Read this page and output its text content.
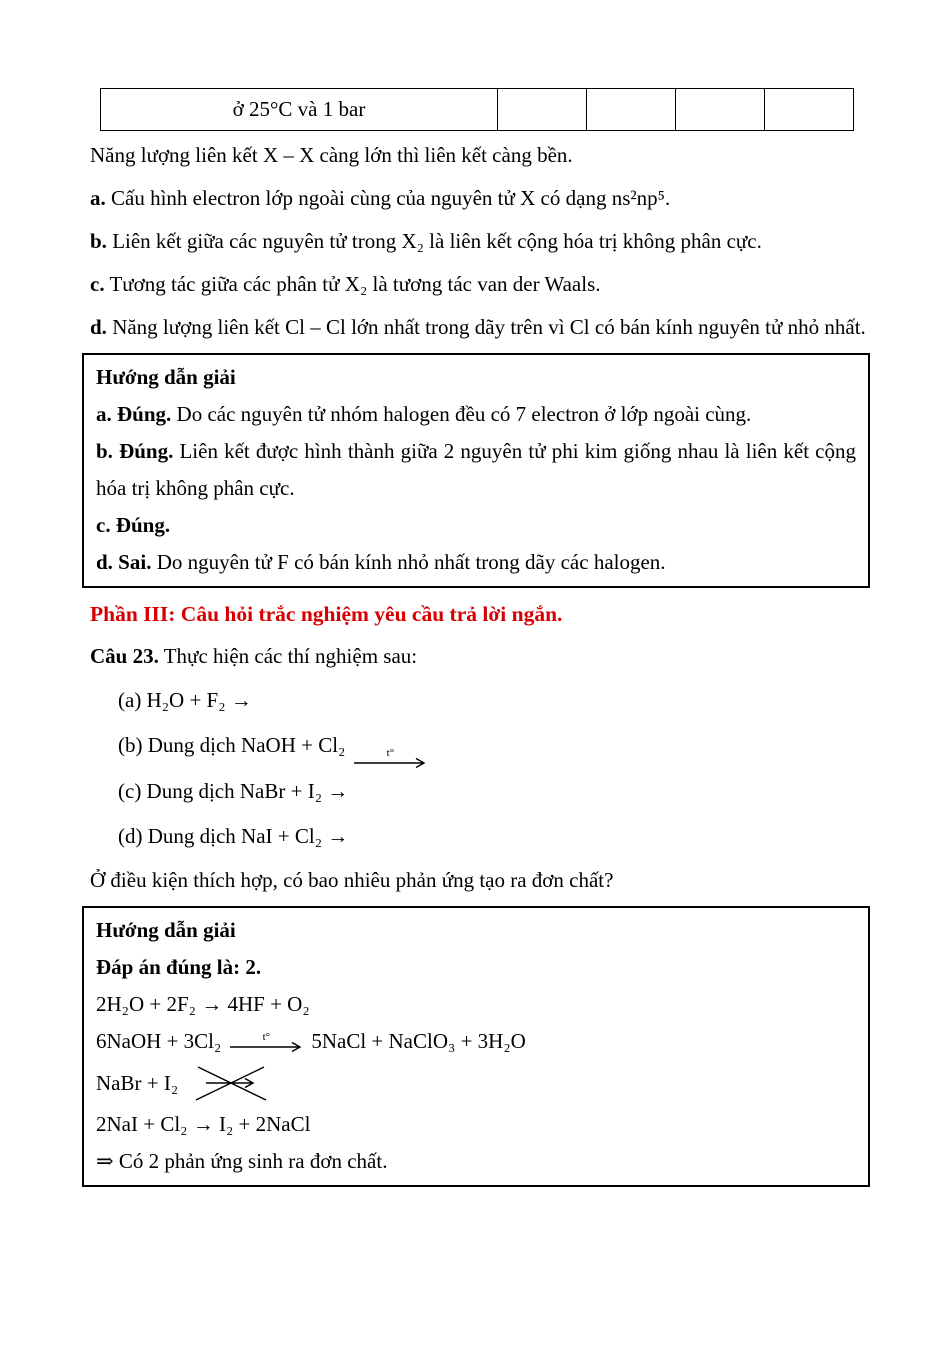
ở 25°C và 1 bar				

Năng lượng liên kết X – X càng lớn thì liên kết càng bền.

a. Cấu hình electron lớp ngoài cùng của nguyên tử X có dạng ns²np⁵.

b. Liên kết giữa các nguyên tử trong X₂ là liên kết cộng hóa trị không phân cực.

c. Tương tác giữa các phân tử X₂ là tương tác van der Waals.

d. Năng lượng liên kết Cl – Cl lớn nhất trong dãy trên vì Cl có bán kính nguyên tử nhỏ nhất.

Hướng dẫn giải

a. Đúng. Do các nguyên tử nhóm halogen đều có 7 electron ở lớp ngoài cùng.

b. Đúng. Liên kết được hình thành giữa 2 nguyên tử phi kim giống nhau là liên kết cộng hóa trị không phân cực.

c. Đúng.

d. Sai. Do nguyên tử F có bán kính nhỏ nhất trong dãy các halogen.

Phần III: Câu hỏi trắc nghiệm yêu cầu trả lời ngắn.

Câu 23. Thực hiện các thí nghiệm sau:

(a) H₂O + F₂ →

(b) Dung dịch NaOH + Cl₂	t°

(c) Dung dịch NaBr + I₂ →

(d) Dung dịch NaI + Cl₂ →

Ở điều kiện thích hợp, có bao nhiêu phản ứng tạo ra đơn chất?

Hướng dẫn giải

Đáp án đúng là: 2.

2H₂O + 2F₂ → 4HF + O₂

6NaOH + 3Cl₂	t° 5NaCl + NaClO₃ + 3H₂O

NaBr + I₂

2NaI + Cl₂ → I₂ + 2NaCl

⇒ Có 2 phản ứng sinh ra đơn chất.
